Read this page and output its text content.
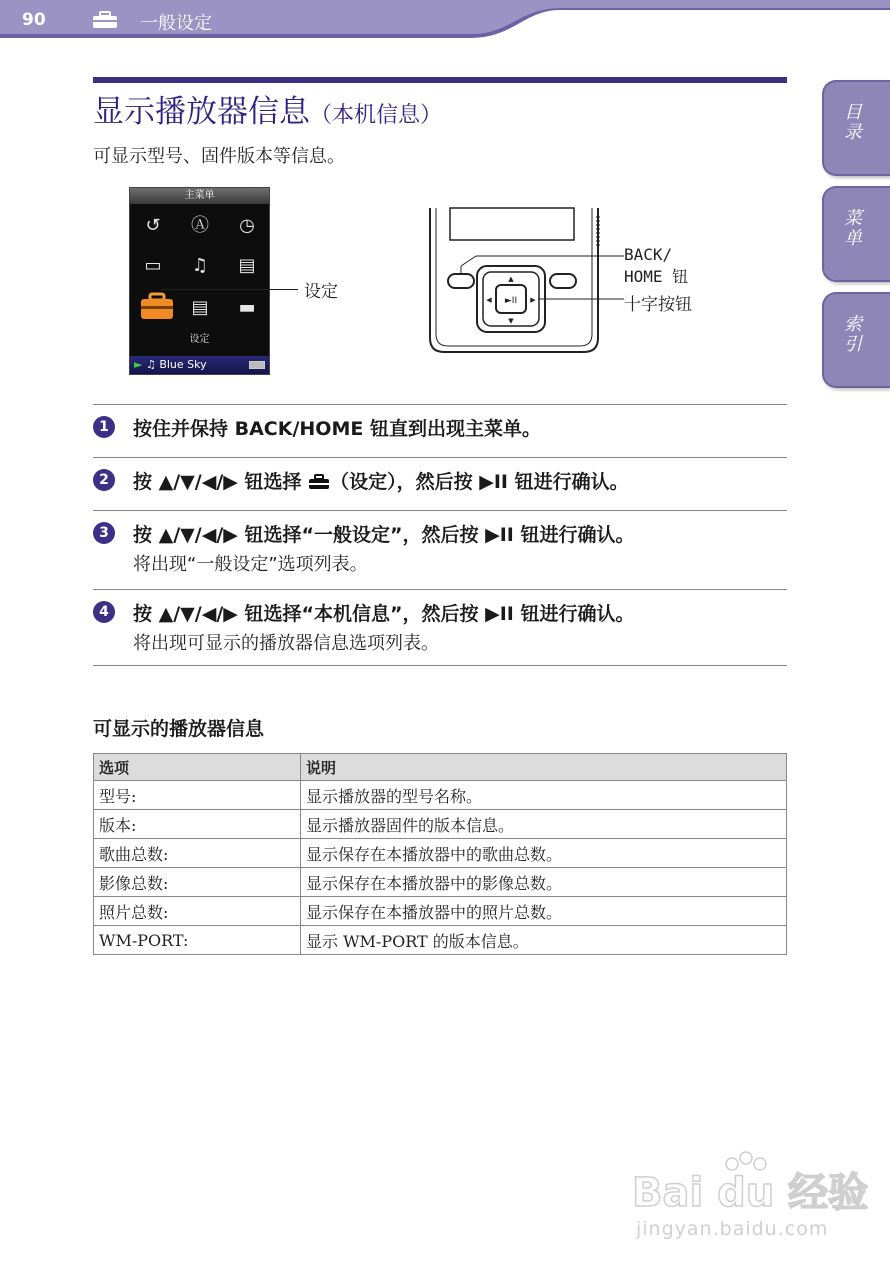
90	一般设定
目录
菜单
索引
显示播放器信息（本机信息）
可显示型号、固件版本等信息。
主菜单
↺	Ⓐ ◷
▭ ♫ ▤
▤ ▬
设定
► ♫ Blue Sky
设定	►II
▲
▼
◀	▶
BACK/
HOME 钮
十字按钮
1	按住并保持 BACK/HOME 钮直到出现主菜单。
2	按 ▲/▼/◀/▶ 钮选择 （设定），然后按 ▶II 钮进行确认。
3	按 ▲/▼/◀/▶ 钮选择“一般设定”，然后按 ▶II 钮进行确认。
将出现“一般设定”选项列表。
4	按 ▲/▼/◀/▶ 钮选择“本机信息”，然后按 ▶II 钮进行确认。
将出现可显示的播放器信息选项列表。
可显示的播放器信息
选项	说明
型号:	显示播放器的型号名称。
版本:	显示播放器固件的版本信息。
歌曲总数:	显示保存在本播放器中的歌曲总数。
影像总数:	显示保存在本播放器中的影像总数。
照片总数:	显示保存在本播放器中的照片总数。
WM-PORT:	显示 WM-PORT 的版本信息。
Bai du 经验
jingyan.baidu.com
